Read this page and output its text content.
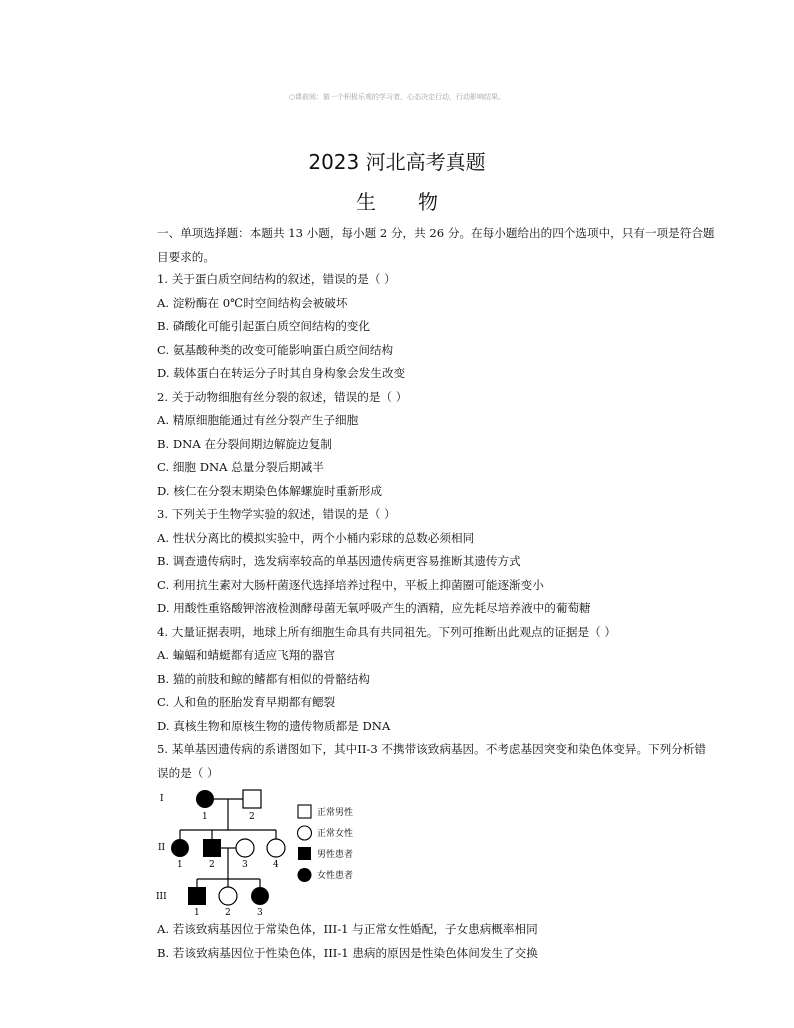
○课前阅：做一个积极乐观的学习者，心态决定行动，行动影响结果。
2023 河北高考真题
生物
一、单项选择题：本题共 13 小题，每小题 2 分，共 26 分。在每小题给出的四个选项中，只有一项是符合题目要求的。
1. 关于蛋白质空间结构的叙述，错误的是（ ）
A. 淀粉酶在 0℃时空间结构会被破坏
B. 磷酸化可能引起蛋白质空间结构的变化
C. 氨基酸种类的改变可能影响蛋白质空间结构
D. 载体蛋白在转运分子时其自身构象会发生改变
2. 关于动物细胞有丝分裂的叙述，错误的是（ ）
A. 精原细胞能通过有丝分裂产生子细胞
B. DNA 在分裂间期边解旋边复制
C. 细胞 DNA 总量分裂后期减半
D. 核仁在分裂末期染色体解螺旋时重新形成
3. 下列关于生物学实验的叙述，错误的是（ ）
A. 性状分离比的模拟实验中，两个小桶内彩球的总数必须相同
B. 调查遗传病时，选发病率较高的单基因遗传病更容易推断其遗传方式
C. 利用抗生素对大肠杆菌逐代选择培养过程中，平板上抑菌圈可能逐渐变小
D. 用酸性重铬酸钾溶液检测酵母菌无氧呼吸产生的酒精，应先耗尽培养液中的葡萄糖
4. 大量证据表明，地球上所有细胞生命具有共同祖先。下列可推断出此观点的证据是（ ）
A. 蝙蝠和蜻蜓都有适应飞翔的器官
B. 猫的前肢和鲸的鳍都有相似的骨骼结构
C. 人和鱼的胚胎发育早期都有鳃裂
D. 真核生物和原核生物的遗传物质都是 DNA
5. 某单基因遗传病的系谱图如下，其中II-3 不携带该致病基因。不考虑基因突变和染色体变异。下列分析错误的是（ ）
I
II
III
1	2
1	2	3	4
1	2	3
正常男性
正常女性
男性患者
女性患者
A. 若该致病基因位于常染色体，III-1 与正常女性婚配，子女患病概率相同
B. 若该致病基因位于性染色体，III-1 患病的原因是性染色体间发生了交换
